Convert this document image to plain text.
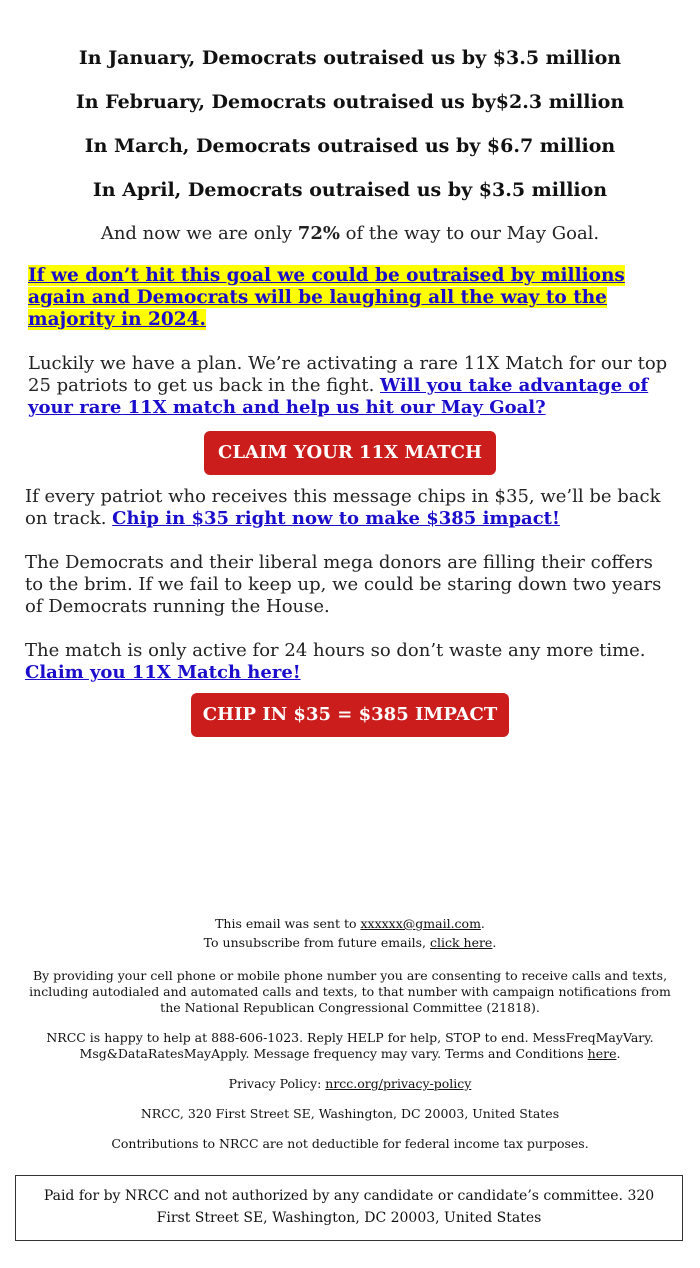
In January, Democrats outraised us by $3.5 million
In February, Democrats outraised us by$2.3 million
In March, Democrats outraised us by $6.7 million
In April, Democrats outraised us by $3.5 million
And now we are only 72% of the way to our May Goal.
If we don’t hit this goal we could be outraised by millions again and Democrats will be laughing all the way to the majority in 2024.
Luckily we have a plan. We’re activating a rare 11X Match for our top 25 patriots to get us back in the fight. Will you take advantage of your rare 11X match and help us hit our May Goal?
CLAIM YOUR 11X MATCH
If every patriot who receives this message chips in $35, we’ll be back on track. Chip in $35 right now to make $385 impact!
The Democrats and their liberal mega donors are filling their coffers to the brim. If we fail to keep up, we could be staring down two years of Democrats running the House.
The match is only active for 24 hours so don’t waste any more time.
Claim you 11X Match here!
CHIP IN $35 = $385 IMPACT
This email was sent to xxxxxx@gmail.com.
To unsubscribe from future emails, click here.
By providing your cell phone or mobile phone number you are consenting to receive calls and texts, including autodialed and automated calls and texts, to that number with campaign notifications from the National Republican Congressional Committee (21818).
NRCC is happy to help at 888-606-1023. Reply HELP for help, STOP to end. MessFreqMayVary. Msg&DataRatesMayApply. Message frequency may vary. Terms and Conditions here.
Privacy Policy: nrcc.org/privacy-policy
NRCC, 320 First Street SE, Washington, DC 20003, United States
Contributions to NRCC are not deductible for federal income tax purposes.
Paid for by NRCC and not authorized by any candidate or candidate’s committee. 320 First Street SE, Washington, DC 20003, United States
